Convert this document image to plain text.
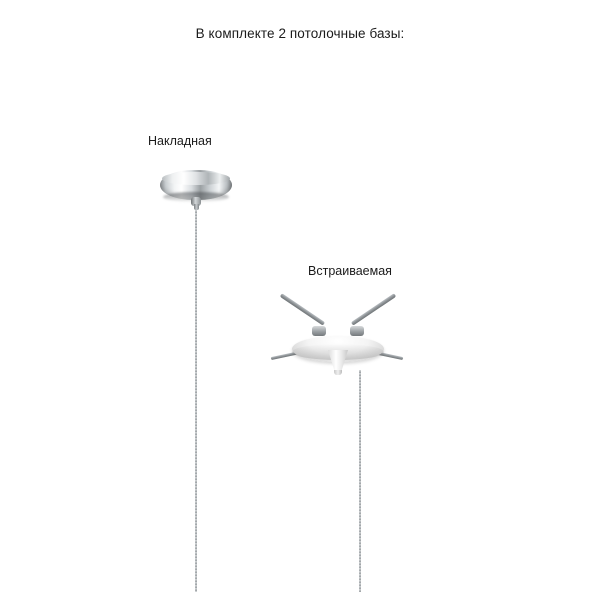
В комплекте 2 потолочные базы:
Накладная
Встраиваемая
